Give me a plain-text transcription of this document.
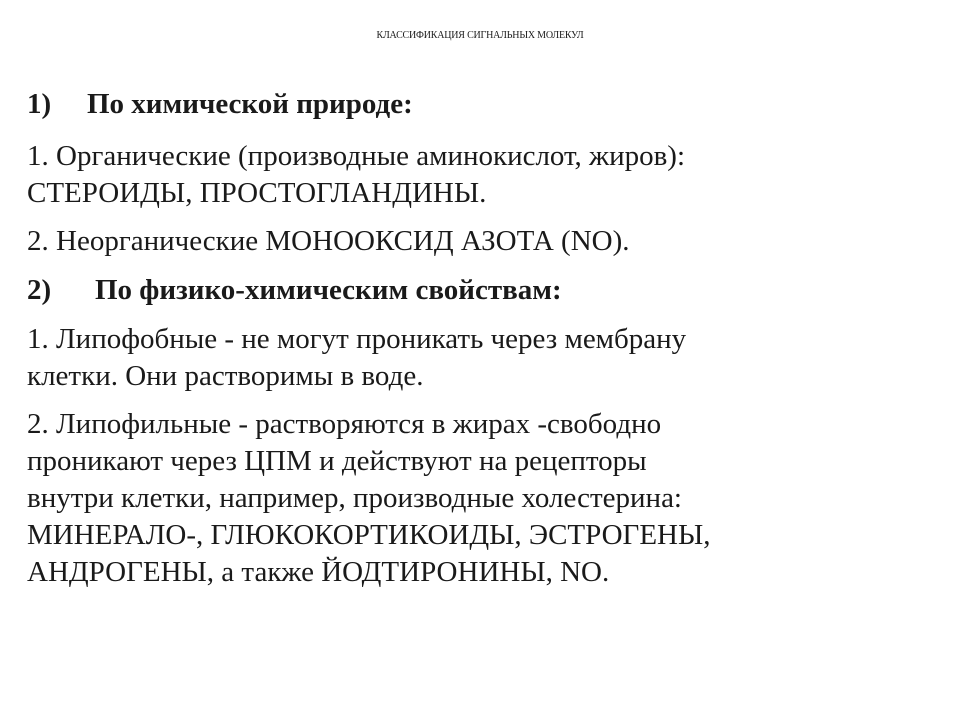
КЛАССИФИКАЦИЯ СИГНАЛЬНЫХ МОЛЕКУЛ

1)	По химической природе:

1. Органические (производные аминокислот, жиров):
СТЕРОИДЫ, ПРОСТОГЛАНДИНЫ.

2. Неорганические МОНООКСИД АЗОТА (NO).

2)	По физико-химическим свойствам:

1. Липофобные - не могут проникать через мембрану
клетки. Они растворимы в воде.

2. Липофильные - растворяются в жирах -свободно
проникают через ЦПМ и действуют на рецепторы
внутри клетки, например, производные холестерина:
МИНЕРАЛО-, ГЛЮКОКОРТИКОИДЫ, ЭСТРОГЕНЫ,
АНДРОГЕНЫ, а также ЙОДТИРОНИНЫ, NO.
